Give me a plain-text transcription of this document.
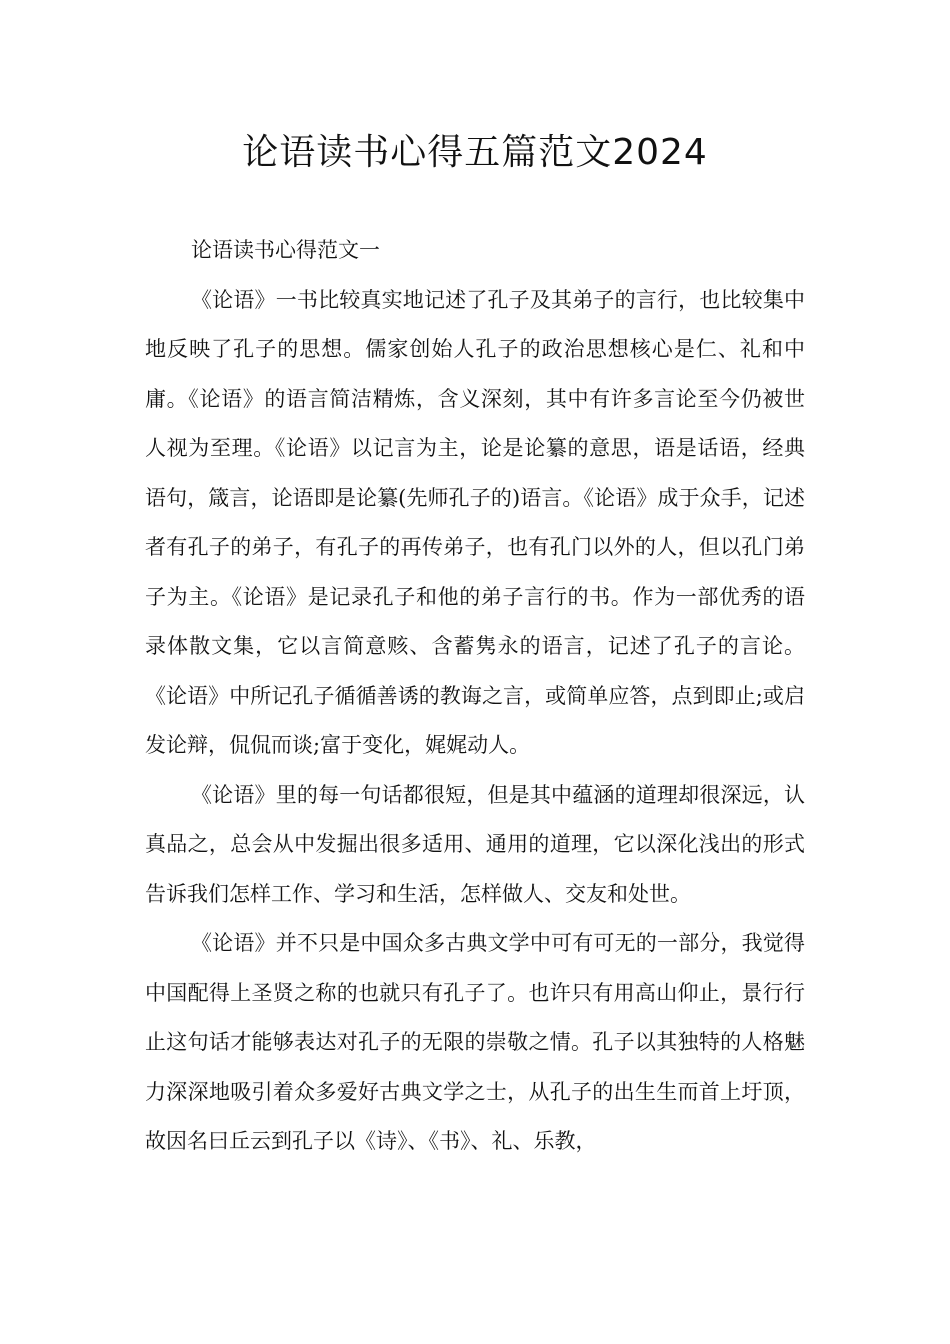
论语读书心得五篇范文2024

论语读书心得范文一

《论语》一书比较真实地记述了孔子及其弟子的言行，也比较集中地反映了孔子的思想。儒家创始人孔子的政治思想核心是仁、礼和中庸。《论语》的语言简洁精炼，含义深刻，其中有许多言论至今仍被世人视为至理。《论语》以记言为主，论是论纂的意思，语是话语，经典语句，箴言，论语即是论纂(先师孔子的)语言。《论语》成于众手，记述者有孔子的弟子，有孔子的再传弟子，也有孔门以外的人，但以孔门弟子为主。《论语》是记录孔子和他的弟子言行的书。作为一部优秀的语录体散文集，它以言简意赅、含蓄隽永的语言，记述了孔子的言论。《论语》中所记孔子循循善诱的教诲之言，或简单应答，点到即止;或启发论辩，侃侃而谈;富于变化，娓娓动人。

《论语》里的每一句话都很短，但是其中蕴涵的道理却很深远，认真品之，总会从中发掘出很多适用、通用的道理，它以深化浅出的形式告诉我们怎样工作、学习和生活，怎样做人、交友和处世。

《论语》并不只是中国众多古典文学中可有可无的一部分，我觉得中国配得上圣贤之称的也就只有孔子了。也许只有用高山仰止，景行行止这句话才能够表达对孔子的无限的崇敬之情。孔子以其独特的人格魅力深深地吸引着众多爱好古典文学之士，从孔子的出生生而首上圩顶，故因名曰丘云到孔子以《诗》、《书》、礼、乐教，
